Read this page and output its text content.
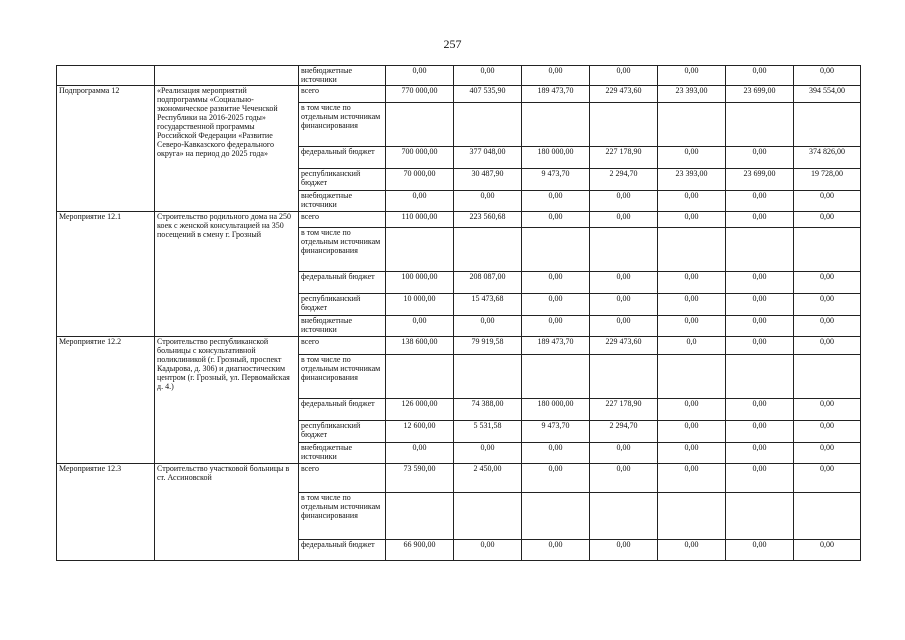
257
		внебюджетные источники	0,00	0,00	0,00	0,00	0,00	0,00	0,00
Подпрограмма 12	«Реализация мероприятий подпрограммы «Социально-экономическое развитие Чеченской Республики на 2016-2025 годы» государственной программы Российской Федерации «Развитие Северо-Кавказского федерального округа» на период до 2025 года»	всего	770 000,00	407 535,90	189 473,70	229 473,60	23 393,00	23 699,00	394 554,00
		в том числе по отдельным источникам финансирования							
		федеральный бюджет	700 000,00	377 048,00	180 000,00	227 178,90	0,00	0,00	374 826,00
		республиканский бюджет	70 000,00	30 487,90	9 473,70	2 294,70	23 393,00	23 699,00	19 728,00
		внебюджетные источники	0,00	0,00	0,00	0,00	0,00	0,00	0,00
Мероприятие 12.1	Строительство родильного дома на 250 коек с женской консультацией на 350 посещений в смену г. Грозный	всего	110 000,00	223 560,68	0,00	0,00	0,00	0,00	0,00
		в том числе по отдельным источникам финансирования							
		федеральный бюджет	100 000,00	208 087,00	0,00	0,00	0,00	0,00	0,00
		республиканский бюджет	10 000,00	15 473,68	0,00	0,00	0,00	0,00	0,00
		внебюджетные источники	0,00	0,00	0,00	0,00	0,00	0,00	0,00
Мероприятие 12.2	Строительство республиканской больницы с консультативной поликлиникой (г. Грозный, проспект Кадырова, д. 306) и диагностическим центром (г. Грозный, ул. Первомайская д. 4.)	всего	138 600,00	79 919,58	189 473,70	229 473,60	0,0	0,00	0,00
		в том числе по отдельным источникам финансирования							
		федеральный бюджет	126 000,00	74 388,00	180 000,00	227 178,90	0,00	0,00	0,00
		республиканский бюджет	12 600,00	5 531,58	9 473,70	2 294,70	0,00	0,00	0,00
		внебюджетные источники	0,00	0,00	0,00	0,00	0,00	0,00	0,00
Мероприятие 12.3	Строительство участковой больницы в ст. Ассиновской	всего	73 590,00	2 450,00	0,00	0,00	0,00	0,00	0,00
		в том числе по отдельным источникам финансирования							
		федеральный бюджет	66 900,00	0,00	0,00	0,00	0,00	0,00	0,00
